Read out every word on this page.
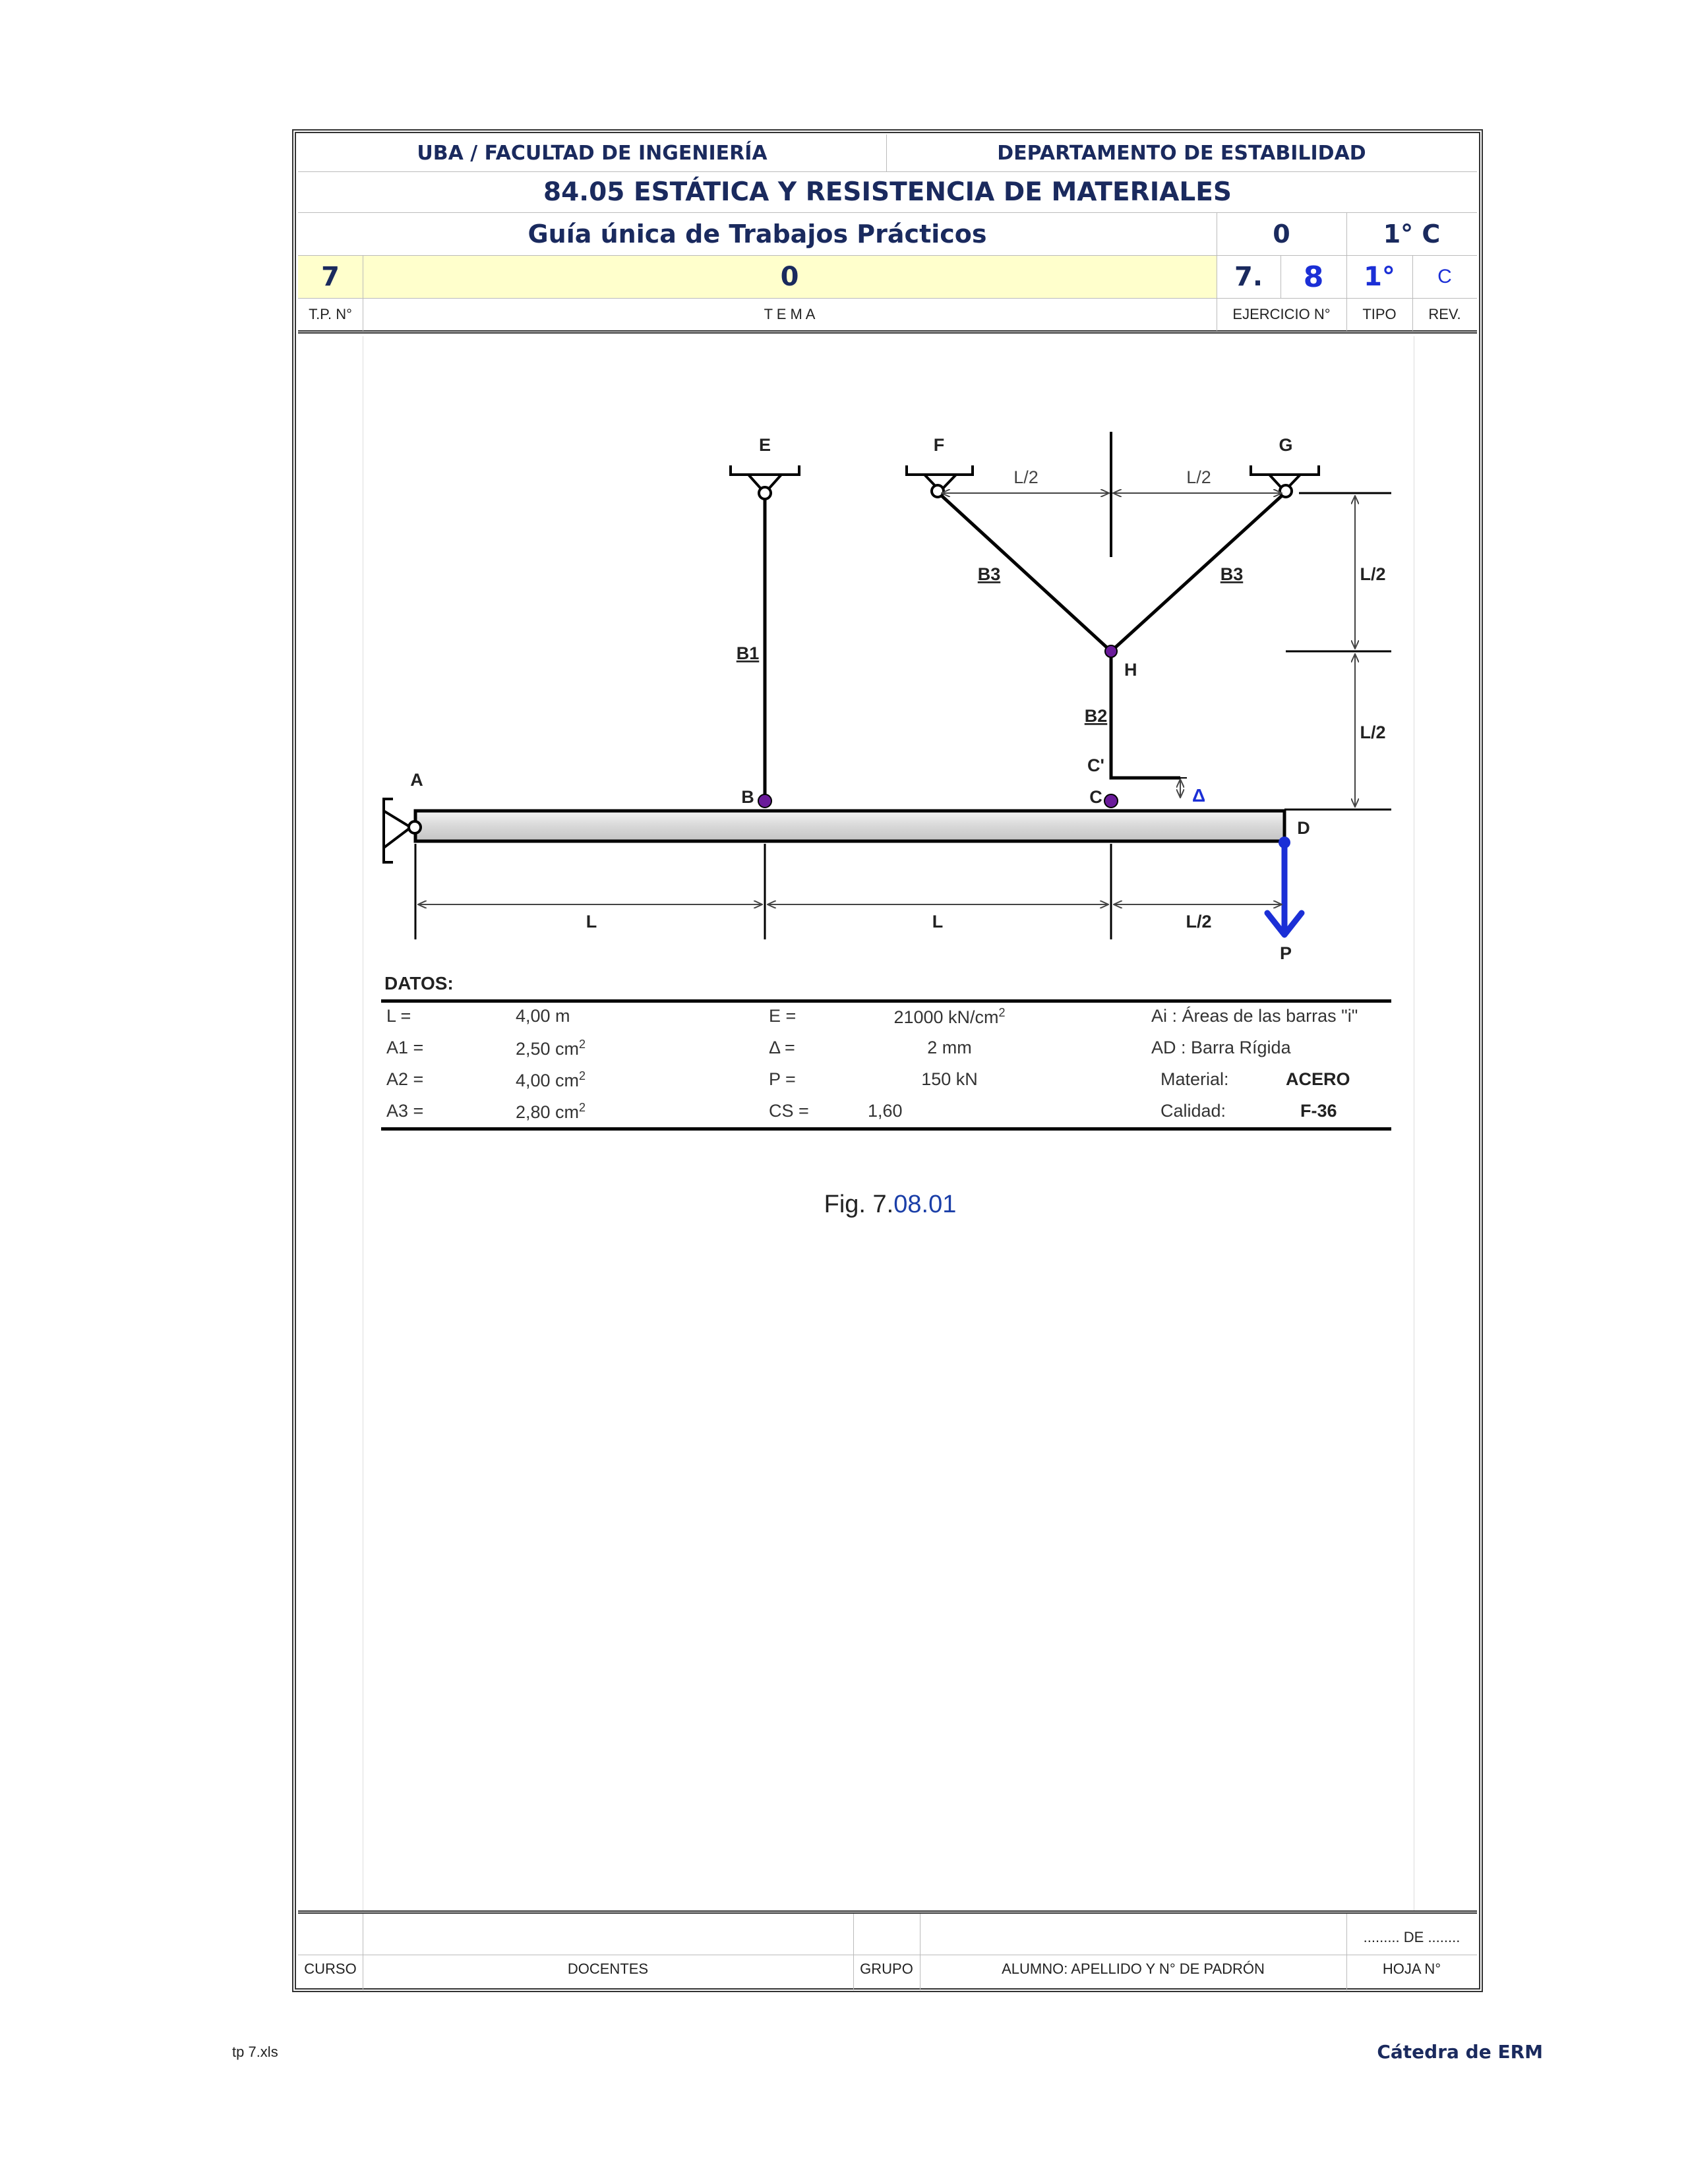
UBA / FACULTAD DE INGENIERÍA	DEPARTAMENTO DE ESTABILIDAD
84.05 ESTÁTICA Y RESISTENCIA DE MATERIALES
Guía única de Trabajos Prácticos	0	1° C
7	0	7.	8	1°	C
T.P. N°	T E M A	EJERCICIO N°	TIPO	REV.
E	F	G
H
A
B	C
C'
D
P
B1
B2
B3	B3
L	L	L/2
L/2
L/2
L/2	L/2
Δ
DATOS:
L =	4,00 m	E =	21000 $kN/cm^2$	Ai : Áreas de las barras "i"
A1 =	2,50 $cm^2$	Δ =	2 mm	AD : Barra Rígida
A2 =	4,00 $cm^2$	P =	150 kN	Material:	ACERO
A3 =	2,80 $cm^2$	CS =	1,60	Calidad:	F-36
Fig. 7.08.01
......... DE ........
CURSO	DOCENTES	GRUPO	ALUMNO: APELLIDO Y N° DE PADRÓN	HOJA N°
tp 7.xls	Cátedra de ERM
